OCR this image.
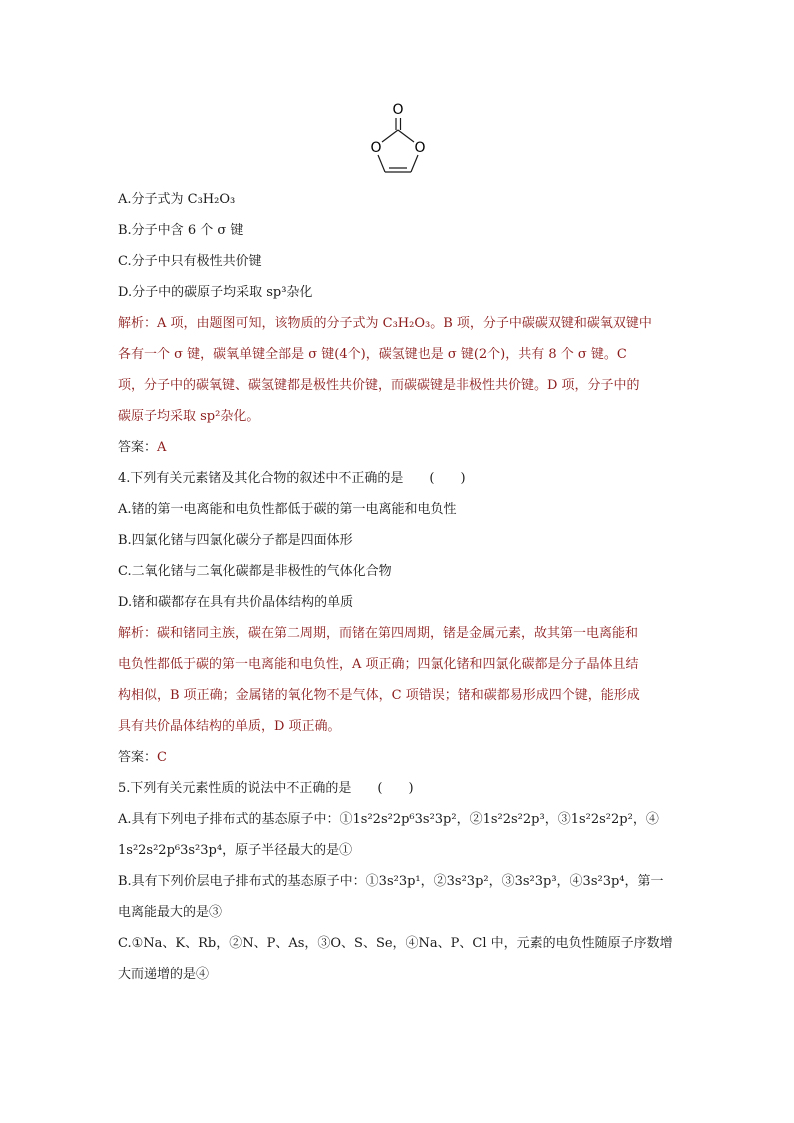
O
O O

A.分子式为 C₃H₂O₃

B.分子中含 6 个 σ 键

C.分子中只有极性共价键

D.分子中的碳原子均采取 sp³杂化

解析：A 项，由题图可知，该物质的分子式为 C₃H₂O₃。B 项，分子中碳碳双键和碳氧双键中
各有一个 σ 键，碳氧单键全部是 σ 键(4个)，碳氢键也是 σ 键(2个)，共有 8 个 σ 键。C
项，分子中的碳氧键、碳氢键都是极性共价键，而碳碳键是非极性共价键。D 项，分子中的
碳原子均采取 sp²杂化。

答案：A

4.下列有关元素锗及其化合物的叙述中不正确的是　　(　　)

A.锗的第一电离能和电负性都低于碳的第一电离能和电负性

B.四氯化锗与四氯化碳分子都是四面体形

C.二氧化锗与二氧化碳都是非极性的气体化合物

D.锗和碳都存在具有共价晶体结构的单质

解析：碳和锗同主族，碳在第二周期，而锗在第四周期，锗是金属元素，故其第一电离能和
电负性都低于碳的第一电离能和电负性，A 项正确；四氯化锗和四氯化碳都是分子晶体且结
构相似，B 项正确；金属锗的氧化物不是气体，C 项错误；锗和碳都易形成四个键，能形成
具有共价晶体结构的单质，D 项正确。

答案：C

5.下列有关元素性质的说法中不正确的是　　(　　)

A.具有下列电子排布式的基态原子中：①1s²2s²2p⁶3s²3p²，②1s²2s²2p³，③1s²2s²2p²，④
1s²2s²2p⁶3s²3p⁴，原子半径最大的是①
B.具有下列价层电子排布式的基态原子中：①3s²3p¹，②3s²3p²，③3s²3p³，④3s²3p⁴，第一
电离能最大的是③
C.①Na、K、Rb，②N、P、As，③O、S、Se，④Na、P、Cl 中，元素的电负性随原子序数增
大而递增的是④
